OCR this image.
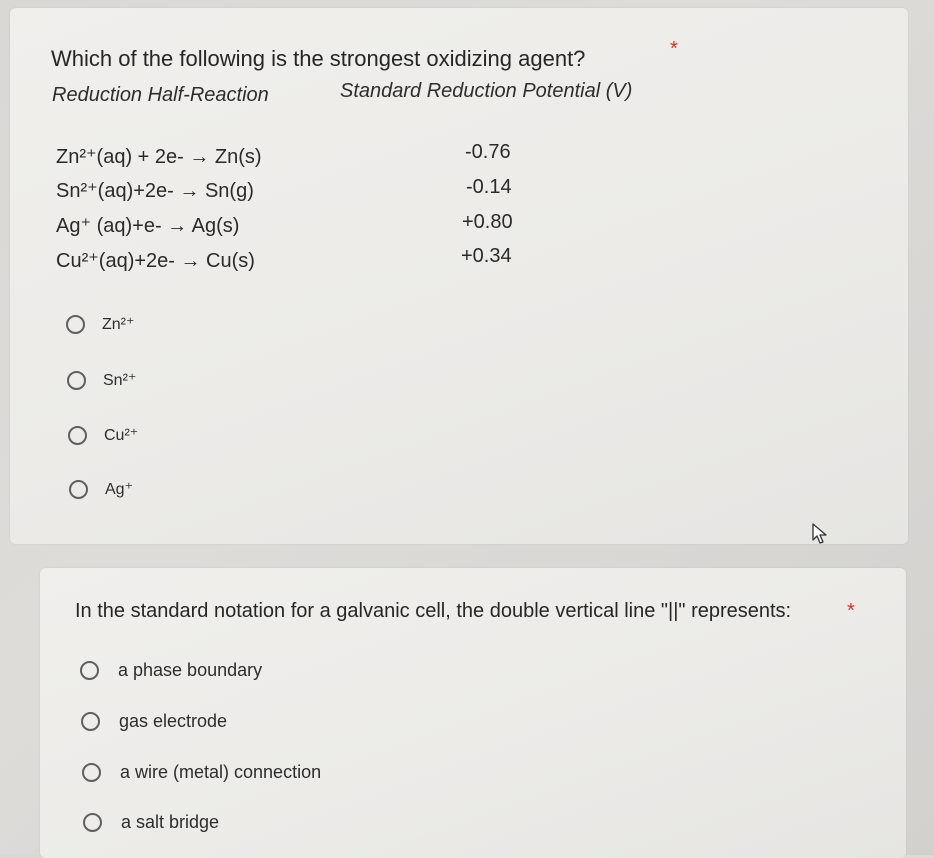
Which of the following is the strongest oxidizing agent?	*
Reduction Half-Reaction	Standard Reduction Potential (V)
Zn²⁺(aq) + 2e- → Zn(s)	-0.76
Sn²⁺(aq)+2e- → Sn(g)	-0.14
Ag⁺ (aq)+e- → Ag(s)	+0.80
Cu²⁺(aq)+2e- → Cu(s)	+0.34
Zn²⁺
Sn²⁺
Cu²⁺
Ag⁺
In the standard notation for a galvanic cell, the double vertical line "||" represents:	*
a phase boundary
gas electrode
a wire (metal) connection
a salt bridge
